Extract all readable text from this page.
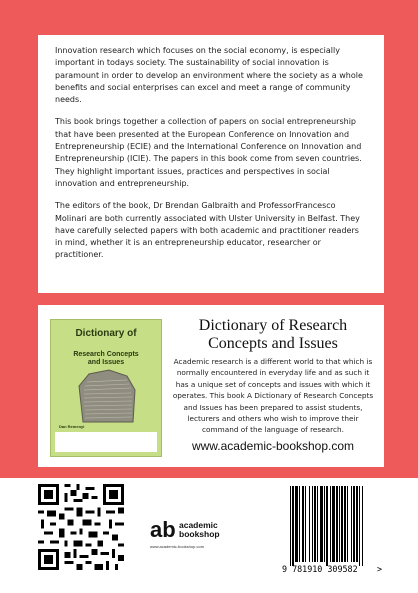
Innovation research which focuses on the social economy, is especially important in todays society. The sustainability of social innovation is paramount in order to develop an environment where the society as a whole benefits and social enterprises can excel and meet a range of community needs.

This book brings together a collection of papers on social entrepreneurship that have been presented at the European Conference on Innovation and Entrepreneurship (ECIE) and the International Conference on Innovation and Entrepreneurship (ICIE). The papers in this book come from seven countries. They highlight important issues, practices and perspectives in social innovation and entrepreneurship.

The editors of the book, Dr Brendan Galbraith and ProfessorFrancesco Molinari are both currently associated with Ulster University in Belfast. They have carefully selected papers with both academic and practitioner readers in mind, whether it is an entrepreneurship educator, researcher or practitioner.

Dictionary of
Research Concepts
and Issues
Dan Remenyi
Dictionary of Research
Concepts and Issues

Academic research is a different world to that which is normally encountered in everyday life and as such it has a unique set of concepts and issues with which it operates. This book A Dictionary of Research Concepts and Issues has been prepared to assist students, lecturers and others who wish to improve their command of the language of research.

www.academic-bookshop.com
ab academic
bookshop
www.academic-bookshop.com
9 781910 309582 >
